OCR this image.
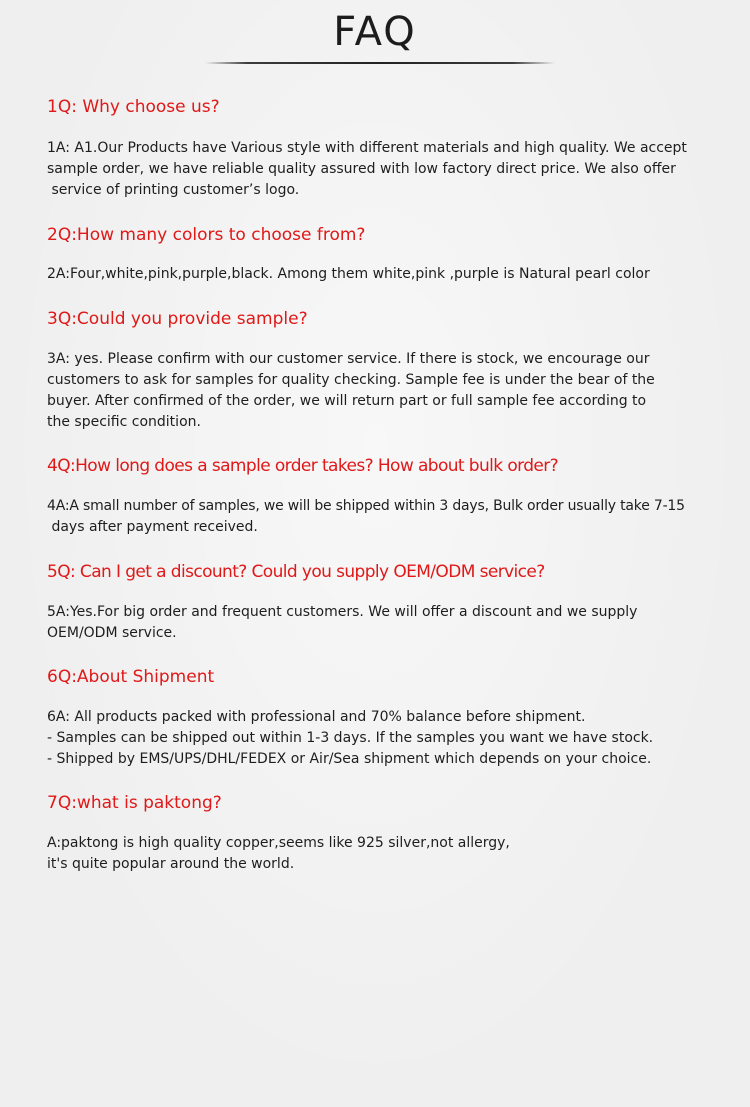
FAQ

1Q: Why choose us?

1A: A1.Our Products have Various style with different materials and high quality. We accept
sample order, we have reliable quality assured with low factory direct price. We also offer
service of printing customer’s logo.

2Q:How many colors to choose from?

2A:Four,white,pink,purple,black. Among them white,pink ,purple is Natural pearl color

3Q:Could you provide sample?

3A: yes. Please confirm with our customer service. If there is stock, we encourage our
customers to ask for samples for quality checking. Sample fee is under the bear of the
buyer. After confirmed of the order, we will return part or full sample fee according to
the specific condition.

4Q:How long does a sample order takes? How about bulk order?

4A:A small number of samples, we will be shipped within 3 days, Bulk order usually take 7-15
days after payment received.

5Q: Can I get a discount? Could you supply OEM/ODM service?

5A:Yes.For big order and frequent customers. We will offer a discount and we supply
OEM/ODM service.

6Q:About Shipment

6A: All products packed with professional and 70% balance before shipment.
- Samples can be shipped out within 1-3 days. If the samples you want we have stock.
- Shipped by EMS/UPS/DHL/FEDEX or Air/Sea shipment which depends on your choice.

7Q:what is paktong?

A:paktong is high quality copper,seems like 925 silver,not allergy,
it's quite popular around the world.
